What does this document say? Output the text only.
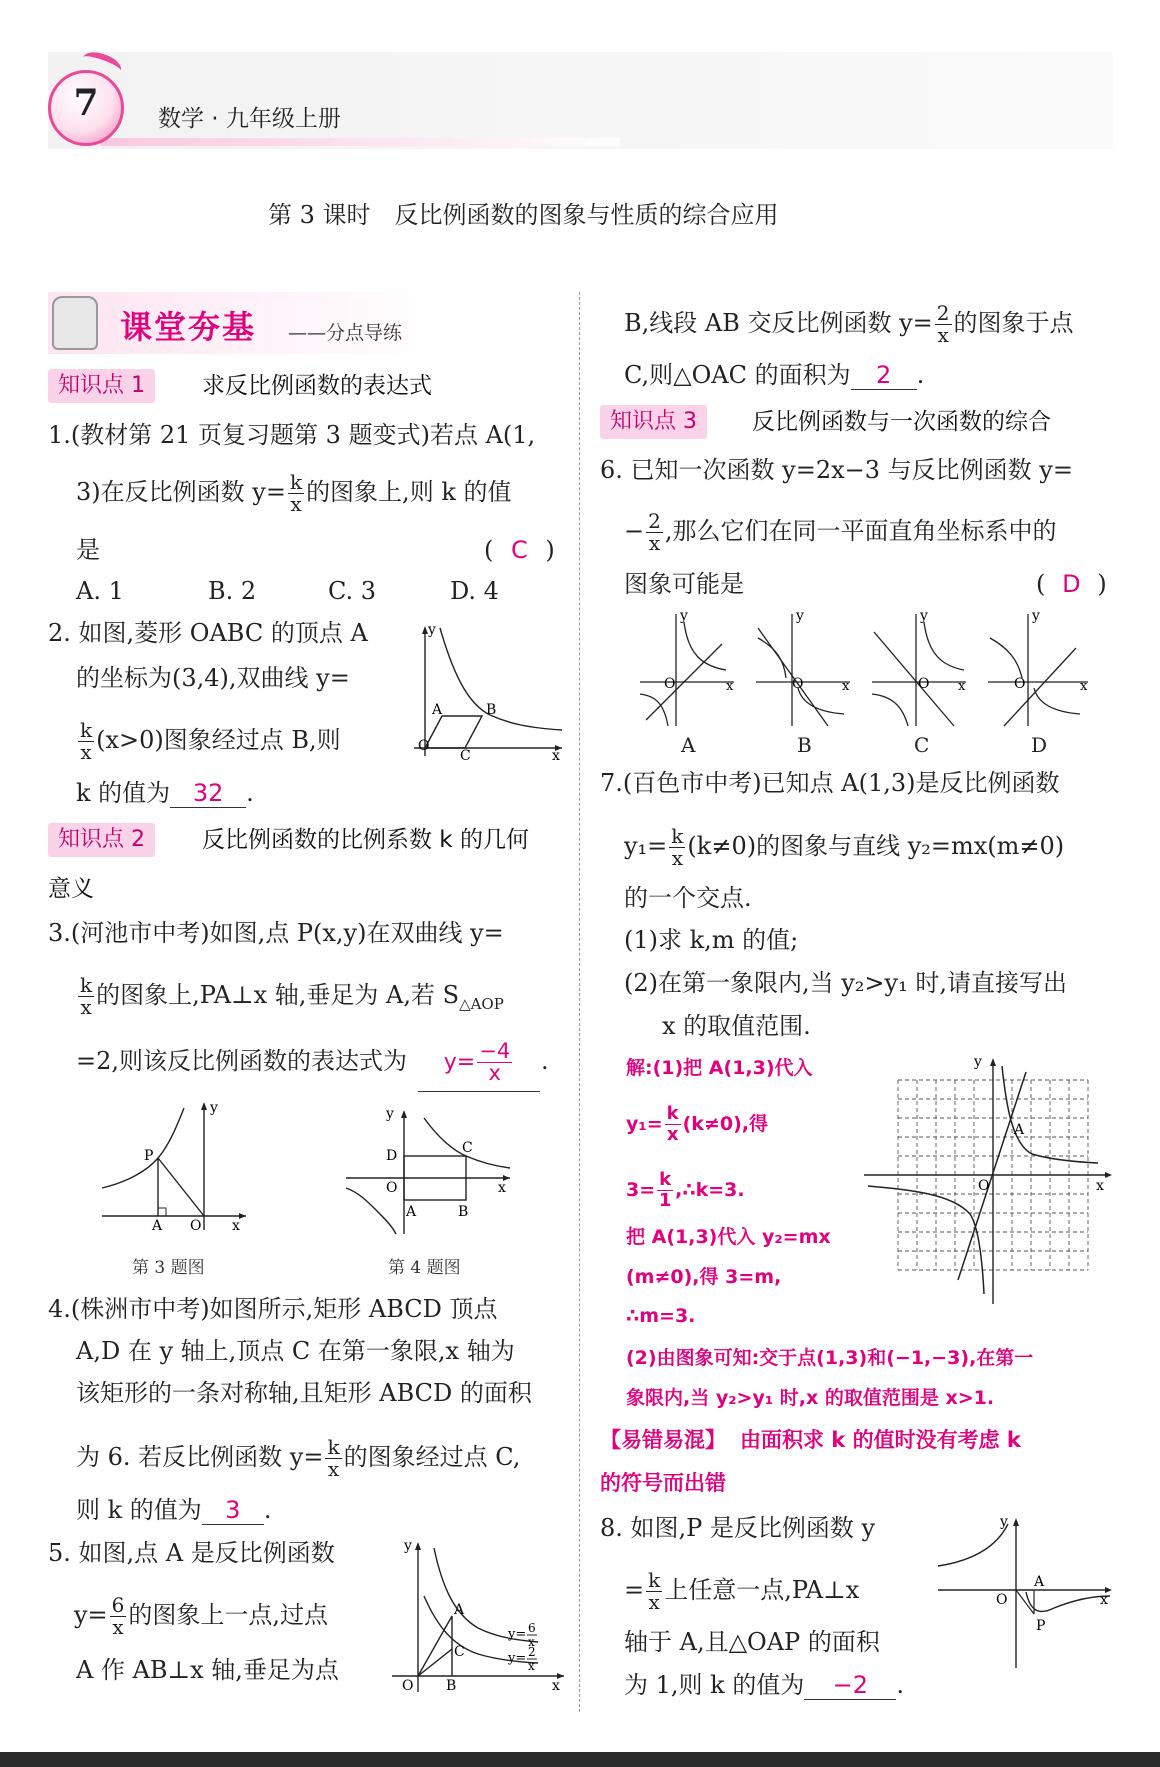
7	数学 · 九年级上册
第 3 课时　反比例函数的图象与性质的综合应用
课堂夯基 ——分点导练
知识点 1	求反比例函数的表达式
1.(教材第 21 页复习题第 3 题变式)若点 A(1,
3)在反比例函数 $y= \frac{k}{x}$ 的图象上,则 k 的值
是	( C )
A. 1	B. 2	C. 3	D. 4
2. 如图,菱形 OABC 的顶点 A
的坐标为(3,4),双曲线 y=
$\frac{k}{x} (x>0)$图象经过点 B,则
k 的值为 32 .
y
O
A	B
C	x
知识点 2	反比例函数的比例系数 k 的几何
意义
3.(河池市中考)如图,点 P(x,y)在双曲线 y=
$\frac{k}{x}$ 的图象上,PA⊥x 轴,垂足为 A,若 $S_{\triangle AOP}$
=2,则该反比例函数的表达式为 $y= \frac{-4}{x}$ .
y
P
A O x
第 3 题图
y
D
O
A	B
C
x
第 4 题图
4.(株洲市中考)如图所示,矩形 ABCD 顶点
A,D 在 y 轴上,顶点 C 在第一象限,x 轴为
该矩形的一条对称轴,且矩形 ABCD 的面积
为 6. 若反比例函数 $y= \frac{k}{x}$ 的图象经过点 C,
则 k 的值为 3 .
5. 如图,点 A 是反比例函数
$y= \frac{6}{x}$ 的图象上一点,过点
A 作 AB⊥x 轴,垂足为点
y
O
A
C
B	x
y= 6
x
y= 2
x
B,线段 AB 交反比例函数 $y= \frac{2}{x}$ 的图象于点
C,则△OAC 的面积为 2 .
知识点 3	反比例函数与一次函数的综合
6. 已知一次函数 y=2x−3 与反比例函数 y=
− $\frac{2}{x}$ ,那么它们在同一平面直角坐标系中的
图象可能是	( D )
y
O	x
y
O	x
y
O x
y
O	x
A	B	C	D
7.(百色市中考)已知点 A(1,3)是反比例函数
$y_1= \frac{k}{x} (k\ne 0)$的图象与直线 y₂=mx(m≠0)
的一个交点.
(1)求 k,m 的值;
(2)在第一象限内,当 y₂>y₁ 时,请直接写出
x 的取值范围.
解:(1)把 A(1,3)代入
$y_1= \frac{k}{x} (k\ne 0)$,得
$3= \frac{k}{1}$ ,∴k=3.
把 A(1,3)代入 y₂=mx
(m≠0),得 3=m,
∴m=3.
(2)由图象可知:交于点(1,3)和(−1,−3),在第一
象限内,当 y₂>y₁ 时,x 的取值范围是 x>1.
y
O
A
x
【易错易混】 由面积求 k 的值时没有考虑 k
的符号而出错
8. 如图,P 是反比例函数 y
= $\frac{k}{x}$ 上任意一点,PA⊥x
轴于 A,且△OAP 的面积
为 1,则 k 的值为 −2 .
y
O
A
P
x
